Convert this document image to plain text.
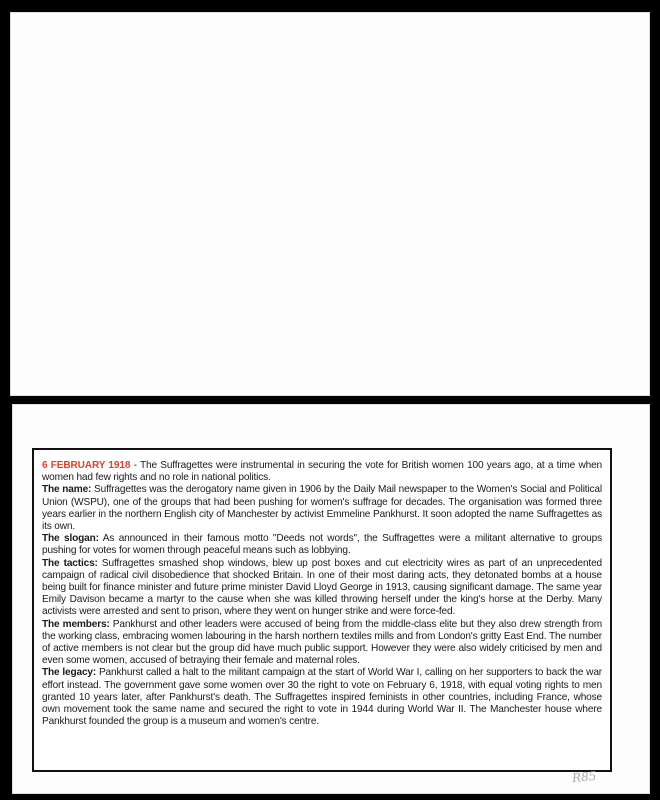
6 FEBRUARY 1918 - The Suffragettes were instrumental in securing the vote for British women 100 years ago, at a time when women had few rights and no role in national politics.
The name: Suffragettes was the derogatory name given in 1906 by the Daily Mail newspaper to the Women's Social and Political Union (WSPU), one of the groups that had been pushing for women's suffrage for decades. The organisation was formed three years earlier in the northern English city of Manchester by activist Emmeline Pankhurst. It soon adopted the name Suffragettes as its own.
The slogan: As announced in their famous motto "Deeds not words", the Suffragettes were a militant alternative to groups pushing for votes for women through peaceful means such as lobbying.
The tactics: Suffragettes smashed shop windows, blew up post boxes and cut electricity wires as part of an unprecedented campaign of radical civil disobedience that shocked Britain. In one of their most daring acts, they detonated bombs at a house being built for finance minister and future prime minister David Lloyd George in 1913, causing significant damage. The same year Emily Davison became a martyr to the cause when she was killed throwing herself under the king's horse at the Derby. Many activists were arrested and sent to prison, where they went on hunger strike and were force-fed.
The members: Pankhurst and other leaders were accused of being from the middle-class elite but they also drew strength from the working class, embracing women labouring in the harsh northern textiles mills and from London's gritty East End. The number of active members is not clear but the group did have much public support. However they were also widely criticised by men and even some women, accused of betraying their female and maternal roles.
The legacy: Pankhurst called a halt to the militant campaign at the start of World War I, calling on her supporters to back the war effort instead. The government gave some women over 30 the right to vote on February 6, 1918, with equal voting rights to men granted 10 years later, after Pankhurst's death. The Suffragettes inspired feminists in other countries, including France, whose own movement took the same name and secured the right to vote in 1944 during World War II. The Manchester house where Pankhurst founded the group is a museum and women's centre.

R85
